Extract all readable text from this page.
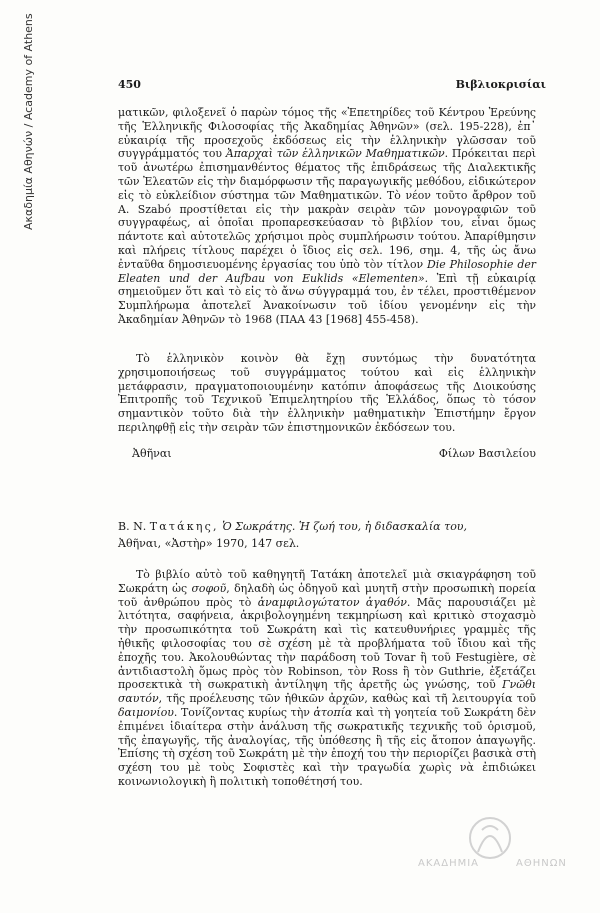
Ακαδημία Αθηνών / Academy of Athens	450	Βιβλιοκρισίαι

ματικῶν, φιλοξενεῖ ὁ παρὼν τόμος τῆς «Ἐπετηρίδες τοῦ Κέντρου Ἐρεύνης τῆς Ἑλληνικῆς Φιλοσοφίας τῆς Ἀκαδημίας Ἀθηνῶν» (σελ. 195-228), ἐπ᾿ εὐκαιρίᾳ τῆς προσεχοῦς ἐκδόσεως εἰς τὴν ἑλληνικὴν γλῶσσαν τοῦ συγγράμματός του Ἀπαρχαὶ τῶν ἑλληνικῶν Μαθηματικῶν. Πρόκειται περὶ τοῦ ἀνωτέρω ἐπισημανθέντος θέματος τῆς ἐπιδράσεως τῆς Διαλεκτικῆς τῶν Ἐλεατῶν εἰς τὴν διαμόρφωσιν τῆς παραγωγικῆς μεθόδου, εἰδικώτερον εἰς τὸ εὐκλείδιον σύστημα τῶν Μαθηματικῶν. Τὸ νέον τοῦτο ἄρθρον τοῦ A. Szabó προστίθεται εἰς τὴν μακρὰν σειρὰν τῶν μονογραφιῶν τοῦ συγγραφέως, αἱ ὁποῖαι προπαρεσκεύασαν τὸ βιβλίον του, εἶναι ὅμως πάντοτε καὶ αὐτοτελῶς χρήσιμοι πρὸς συμπλήρωσιν τούτου. Ἀπαρίθμησιν καὶ πλήρεις τίτλους παρέχει ὁ ἴδιος εἰς σελ. 196, σημ. 4, τῆς ὡς ἄνω ἐνταῦθα δημοσιευομένης ἐργασίας του ὑπὸ τὸν τίτλον Die Philosophie der Eleaten und der Aufbau von Euklids «Elementen». Ἐπὶ τῇ εὐκαιρίᾳ σημειοῦμεν ὅτι καὶ τὸ εἰς τὸ ἄνω σύγγραμμά του, ἐν τέλει, προστιθέμενον Συμπλήρωμα ἀποτελεῖ Ἀνακοίνωσιν τοῦ ἰδίου γενομένην εἰς τὴν Ἀκαδημίαν Ἀθηνῶν τὸ 1968 (ΠΑΑ 43 [1968] 455-458).

Τὸ ἑλληνικὸν κοινὸν θὰ ἔχῃ συντόμως τὴν δυνατότητα χρησιμοποιήσεως τοῦ συγγράμματος τούτου καὶ εἰς ἑλληνικὴν μετάφρασιν, πραγματοποιουμένην κατόπιν ἀποφάσεως τῆς Διοικούσης Ἐπιτροπῆς τοῦ Τεχνικοῦ Ἐπιμελητηρίου τῆς Ἑλλάδος, ὅπως τὸ τόσον σημαντικὸν τοῦτο διὰ τὴν ἑλληνικὴν μαθηματικὴν Ἐπιστήμην ἔργον περιληφθῇ εἰς τὴν σειρὰν τῶν ἐπιστημονικῶν ἐκδόσεων του.

Ἀθῆναι	Φίλων Βασιλείου
Β. Ν. Τατάκης, Ὁ Σωκράτης. Ἡ ζωή του, ἡ διδασκαλία του,
Ἀθῆναι, «Ἀστὴρ» 1970, 147 σελ.

Τὸ βιβλίο αὐτὸ τοῦ καθηγητῆ Τατάκη ἀποτελεῖ μιὰ σκιαγράφηση τοῦ Σωκράτη ὡς σοφοῦ, δηλαδὴ ὡς ὁδηγοῦ καὶ μυητῆ στὴν προσωπικὴ πορεία τοῦ ἀνθρώπου πρὸς τὸ ἀναμφιλογώτατον ἀγαθόν. Μᾶς παρουσιάζει μὲ λιτότητα, σαφήνεια, ἀκριβολογημένη τεκμηρίωση καὶ κριτικὸ στοχασμὸ τὴν προσωπικότητα τοῦ Σωκράτη καὶ τὶς κατευθυνήριες γραμμὲς τῆς ἠθικῆς φιλοσοφίας του σὲ σχέση μὲ τὰ προβλήματα τοῦ ἴδιου καὶ τῆς ἐποχῆς του. Ἀκολουθώντας τὴν παράδοση τοῦ Tovar ἢ τοῦ Festugière, σὲ ἀντιδιαστολὴ ὅμως πρὸς τὸν Robinson, τὸν Ross ἢ τὸν Guthrie, ἐξετάζει προσεκτικὰ τὴ σωκρατικὴ ἀντίληψη τῆς ἀρετῆς ὡς γνώσης, τοῦ Γνῶθι σαυτόν, τῆς προέλευσης τῶν ἠθικῶν ἀρχῶν, καθὼς καὶ τῆ λειτουργία τοῦ δαιμονίου. Τονίζοντας κυρίως τὴν ἀτοπία καὶ τὴ γοητεία τοῦ Σωκράτη δὲν ἐπιμένει ἰδιαίτερα στὴν ἀνάλυση τῆς σωκρατικῆς τεχνικῆς τοῦ ὁρισμοῦ, τῆς ἐπαγωγῆς, τῆς ἀναλογίας, τῆς ὑπόθεσης ἢ τῆς εἰς ἄτοπον ἀπαγωγῆς. Ἐπίσης τὴ σχέση τοῦ Σωκράτη μὲ τὴν ἐποχή του τὴν περιορίζει βασικὰ στὴ σχέση του μὲ τοὺς Σοφιστὲς καὶ τὴν τραγωδία χωρὶς νὰ ἐπιδιώκει κοινωνιολογικὴ ἢ πολιτικὴ τοποθέτησή του.

ΑΚΑΔΗΜΙΑ	ΑΘΗΝΩΝ
